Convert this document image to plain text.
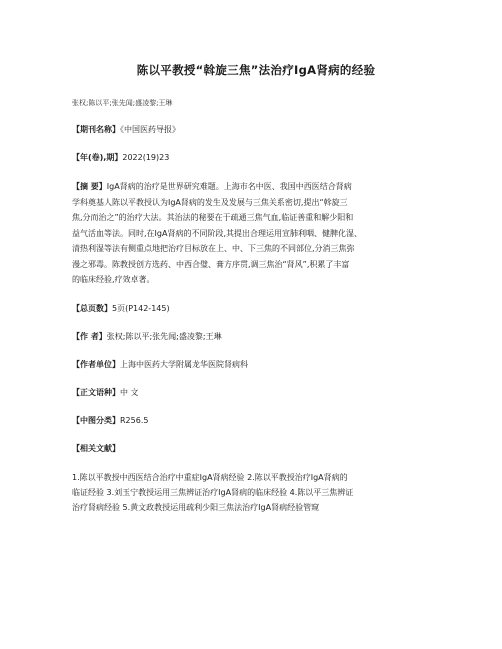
陈以平教授“斡旋三焦”法治疗IgA肾病的经验
张权;陈以平;张先闻;盛凌黎;王琳
【期刊名称】《中国医药导报》
【年(卷),期】2022(19)23
【摘 要】IgA肾病的治疗是世界研究难题。上海市名中医、我国中西医结合肾病
学科奠基人陈以平教授认为IgA肾病的发生及发展与三焦关系密切,提出“斡旋三
焦,分而治之”的治疗大法。其治法的秘要在于疏通三焦气血,临证善重和解少阳和
益气活血等法。同时,在IgA肾病的不同阶段,其提出合理运用宣肺利咽、健脾化湿、
清热利湿等法有侧重点地把治疗目标放在上、中、下三焦的不同部位,分消三焦弥
漫之邪毒。陈教授创方选药、中西合璧、膏方序贯,调三焦治“肾风”,积累了丰富
的临床经验,疗效卓著。
【总页数】5页(P142-145)
【作 者】张权;陈以平;张先闻;盛凌黎;王琳
【作者单位】上海中医药大学附属龙华医院肾病科
【正文语种】中 文
【中图分类】R256.5
【相关文献】
1.陈以平教授中西医结合治疗中重症IgA肾病经验 2.陈以平教授治疗IgA肾病的
临证经验 3.刘玉宁教授运用三焦辨证治疗IgA肾病的临床经验 4.陈以平三焦辨证
治疗肾病经验 5.黄文政教授运用疏利少阳三焦法治疗IgA肾病经验管窥
